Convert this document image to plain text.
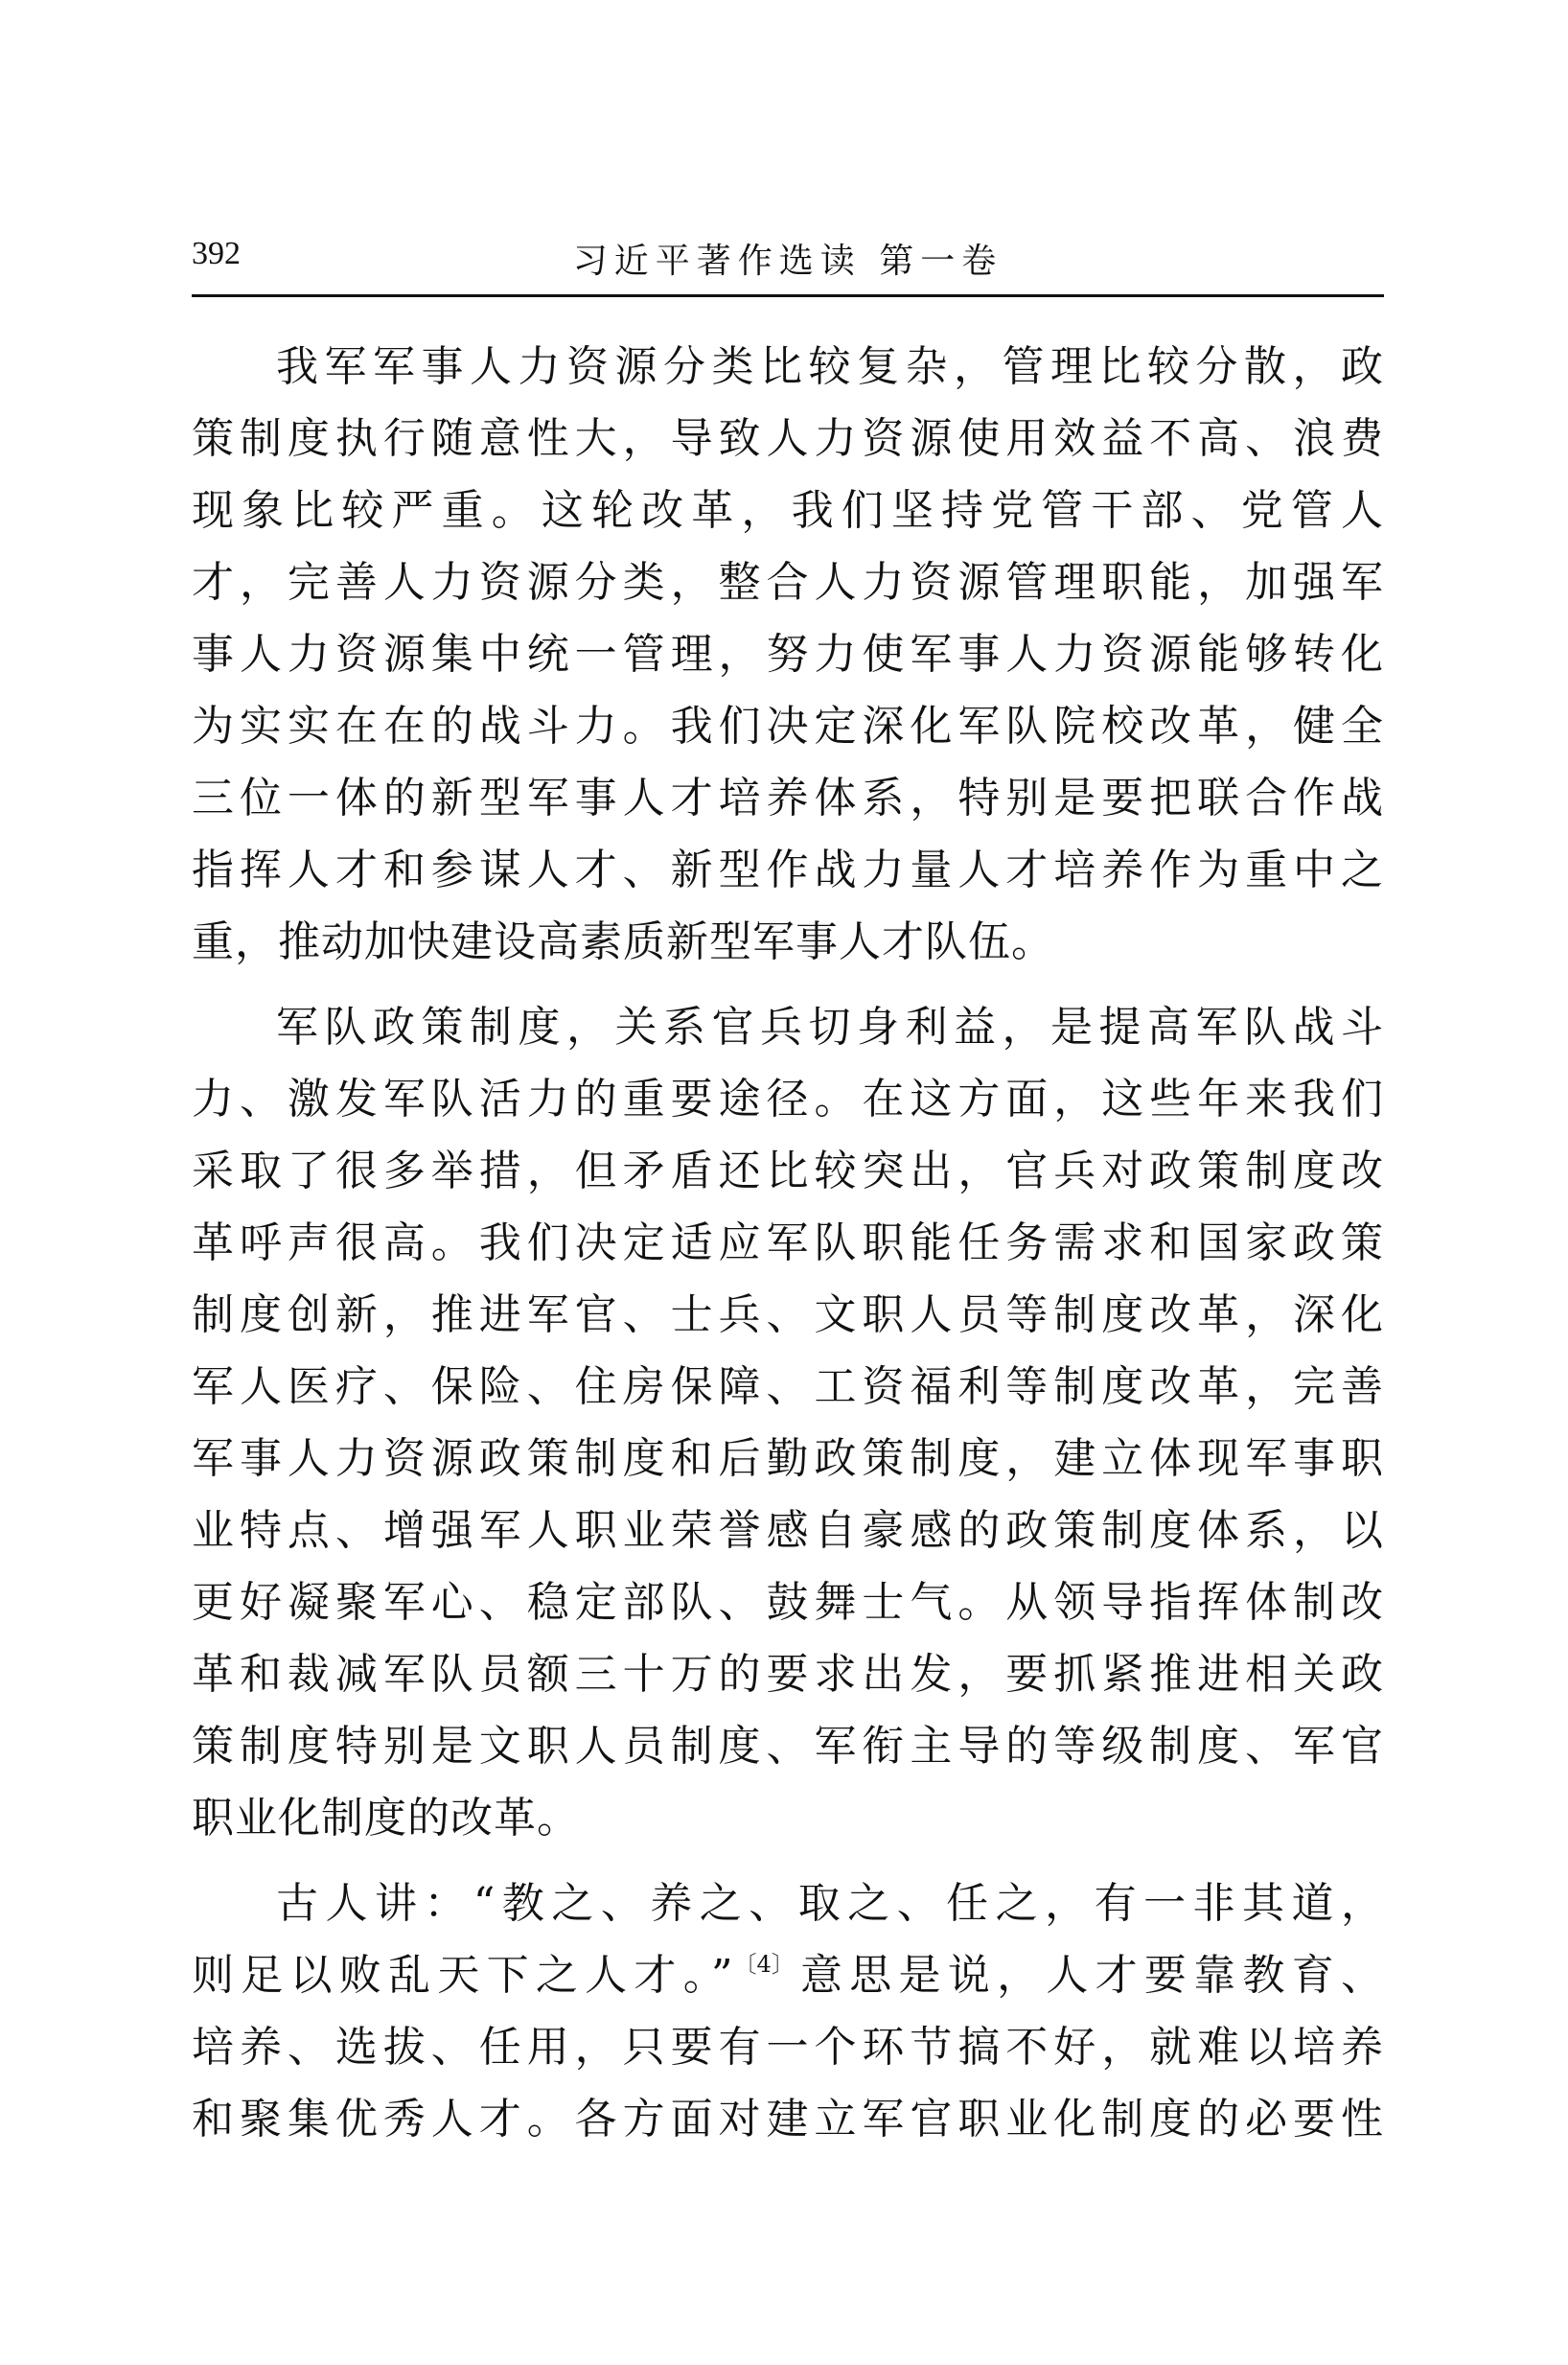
392	习近平著作选读 第一卷
我军军事人力资源分类比较复杂，管理比较分散，政
策制度执行随意性大，导致人力资源使用效益不高、浪费
现象比较严重。这轮改革，我们坚持党管干部、党管人
才，完善人力资源分类，整合人力资源管理职能，加强军
事人力资源集中统一管理，努力使军事人力资源能够转化
为实实在在的战斗力。我们决定深化军队院校改革，健全
三位一体的新型军事人才培养体系，特别是要把联合作战
指挥人才和参谋人才、新型作战力量人才培养作为重中之
重，推动加快建设高素质新型军事人才队伍。
军队政策制度，关系官兵切身利益，是提高军队战斗
力、激发军队活力的重要途径。在这方面，这些年来我们
采取了很多举措，但矛盾还比较突出，官兵对政策制度改
革呼声很高。我们决定适应军队职能任务需求和国家政策
制度创新，推进军官、士兵、文职人员等制度改革，深化
军人医疗、保险、住房保障、工资福利等制度改革，完善
军事人力资源政策制度和后勤政策制度，建立体现军事职
业特点、增强军人职业荣誉感自豪感的政策制度体系，以
更好凝聚军心、稳定部队、鼓舞士气。从领导指挥体制改
革和裁减军队员额三十万的要求出发，要抓紧推进相关政
策制度特别是文职人员制度、军衔主导的等级制度、军官
职业化制度的改革。
古人讲：“教之、养之、取之、任之，有一非其道，
则足以败乱天下之人才。”〔4〕意思是说，人才要靠教育、
培养、选拔、任用，只要有一个环节搞不好，就难以培养
和聚集优秀人才。各方面对建立军官职业化制度的必要性
